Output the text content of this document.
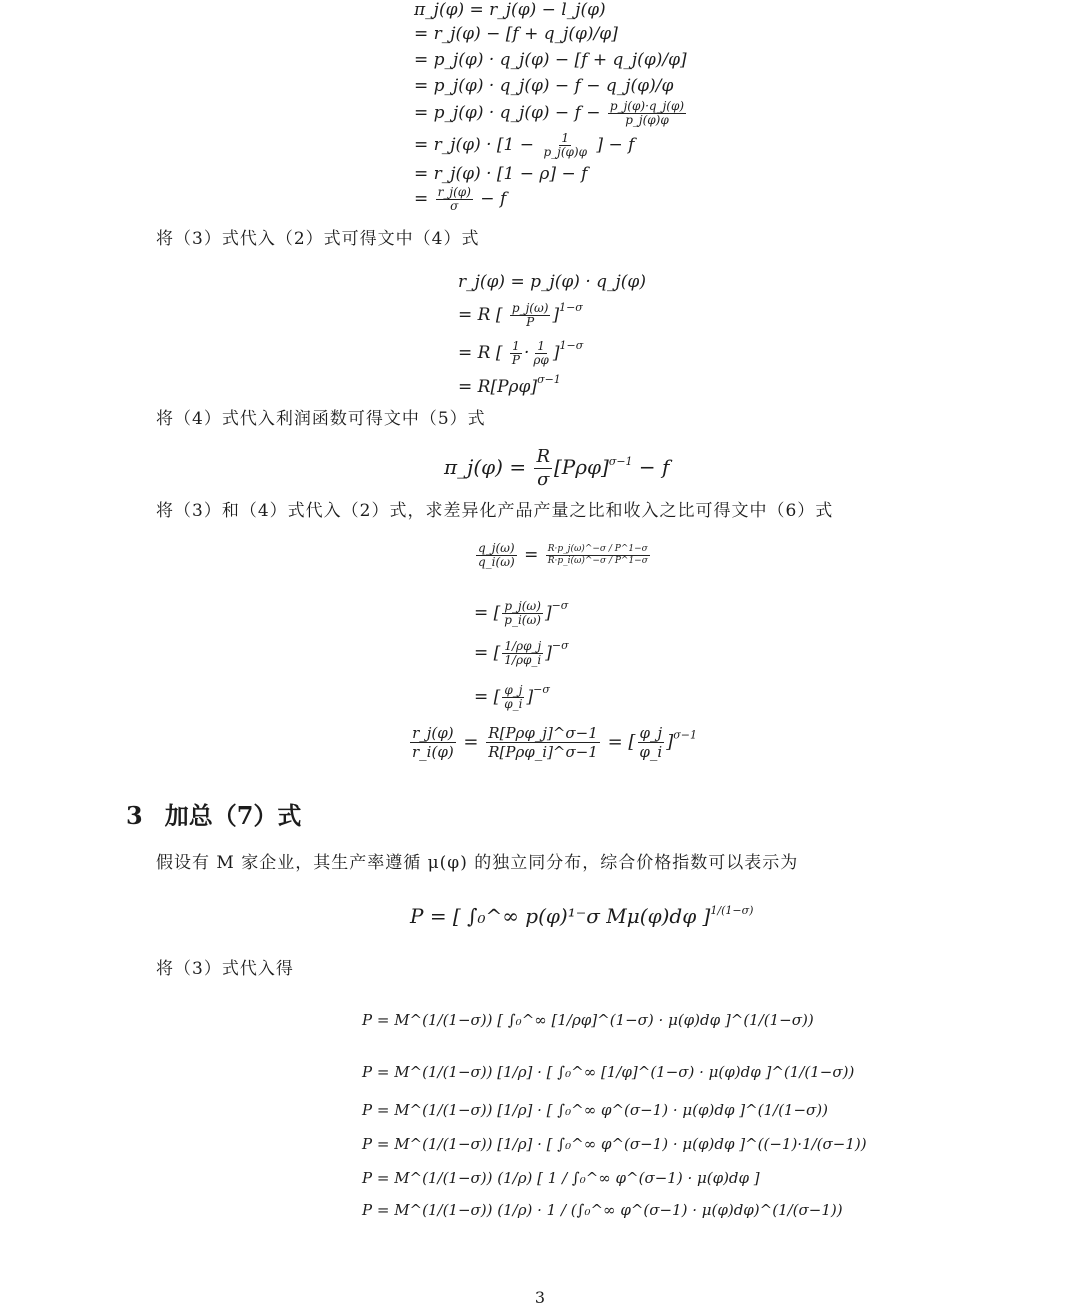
π_j(φ) = r_j(φ) − l_j(φ)
= r_j(φ) − [f + q_j(φ)/φ]
= p_j(φ) · q_j(φ) − [f + q_j(φ)/φ]
= p_j(φ) · q_j(φ) − f − q_j(φ)/φ
= p_j(φ) · q_j(φ) − $f - \frac{p\_j(\varphi)\cdot q\_j(\varphi)}{p\_j(\varphi)\varphi}$
= r_j(φ) · [$1 - \frac{1}{p\_j(\varphi)\varphi}$ ] − f
= r_j(φ) · [1 − ρ] − f
= $\frac{r\_j(\varphi)}{\sigma} - f$
将（3）式代入（2）式可得文中（4）式
r_j(φ) = p_j(φ) · q_j(φ)
= R [ $\frac{p\_j(\omega)}{P} ]^{1-\sigma}$
= R [ $\frac{1}{P} \cdot \frac{1}{\rho\varphi} ]^{1-\sigma}$
= $R[P\rho\varphi]^{\sigma-1}$
将（4）式代入利润函数可得文中（5）式
π_j(φ) = $\frac{R}{\sigma} [P\rho\varphi]^{\sigma-1} - f$
将（3）和（4）式代入（2）式，求差异化产品产量之比和收入之比可得文中（6）式
$\frac{q\_j(\omega)}{q\_i(\omega)} = \frac{R\cdot p\_j(\omega)\^{}-\sigma / P\^{}1-\sigma}{R\cdot p\_i(\omega)\^{}-\sigma / P\^{}1-\sigma}$
= [ $\frac{p\_j(\omega)}{p\_i(\omega)} ]^{-\sigma}$
= [ $\frac{1/\rho\varphi\_j}{1/\rho\varphi\_i} ]^{-\sigma}$
= [ $\frac{\varphi\_j}{\varphi\_i} ]^{-\sigma}$
$\frac{r\_j(\varphi)}{r\_i(\varphi)} = \frac{\text{R[Pρφ\_j]\textasciicircum{}σ−1}}{\text{R[Pρφ\_i]\textasciicircum{}σ−1}}$ = [ $\frac{\varphi\_j}{\varphi\_i} ]^{\sigma-1}$
3 加总（7）式
假设有 M 家企业，其生产率遵循 μ(φ) 的独立同分布，综合价格指数可以表示为
P = [ ∫₀^∞ p(φ)¹⁻σ Mμ(φ)dφ ]$^{1/(1-\sigma)}$
将（3）式代入得
P = M^(1/(1−σ)) [ ∫₀^∞ [1/ρφ]^(1−σ) · μ(φ)dφ ]^(1/(1−σ))
P = M^(1/(1−σ)) [1/ρ] · [ ∫₀^∞ [1/φ]^(1−σ) · μ(φ)dφ ]^(1/(1−σ))
P = M^(1/(1−σ)) [1/ρ] · [ ∫₀^∞ φ^(σ−1) · μ(φ)dφ ]^(1/(1−σ))
P = M^(1/(1−σ)) [1/ρ] · [ ∫₀^∞ φ^(σ−1) · μ(φ)dφ ]^((−1)·1/(σ−1))
P = M^(1/(1−σ)) (1/ρ) [ 1 / ∫₀^∞ φ^(σ−1) · μ(φ)dφ ]
P = M^(1/(1−σ)) (1/ρ) · 1 / (∫₀^∞ φ^(σ−1) · μ(φ)dφ)^(1/(σ−1))
3
